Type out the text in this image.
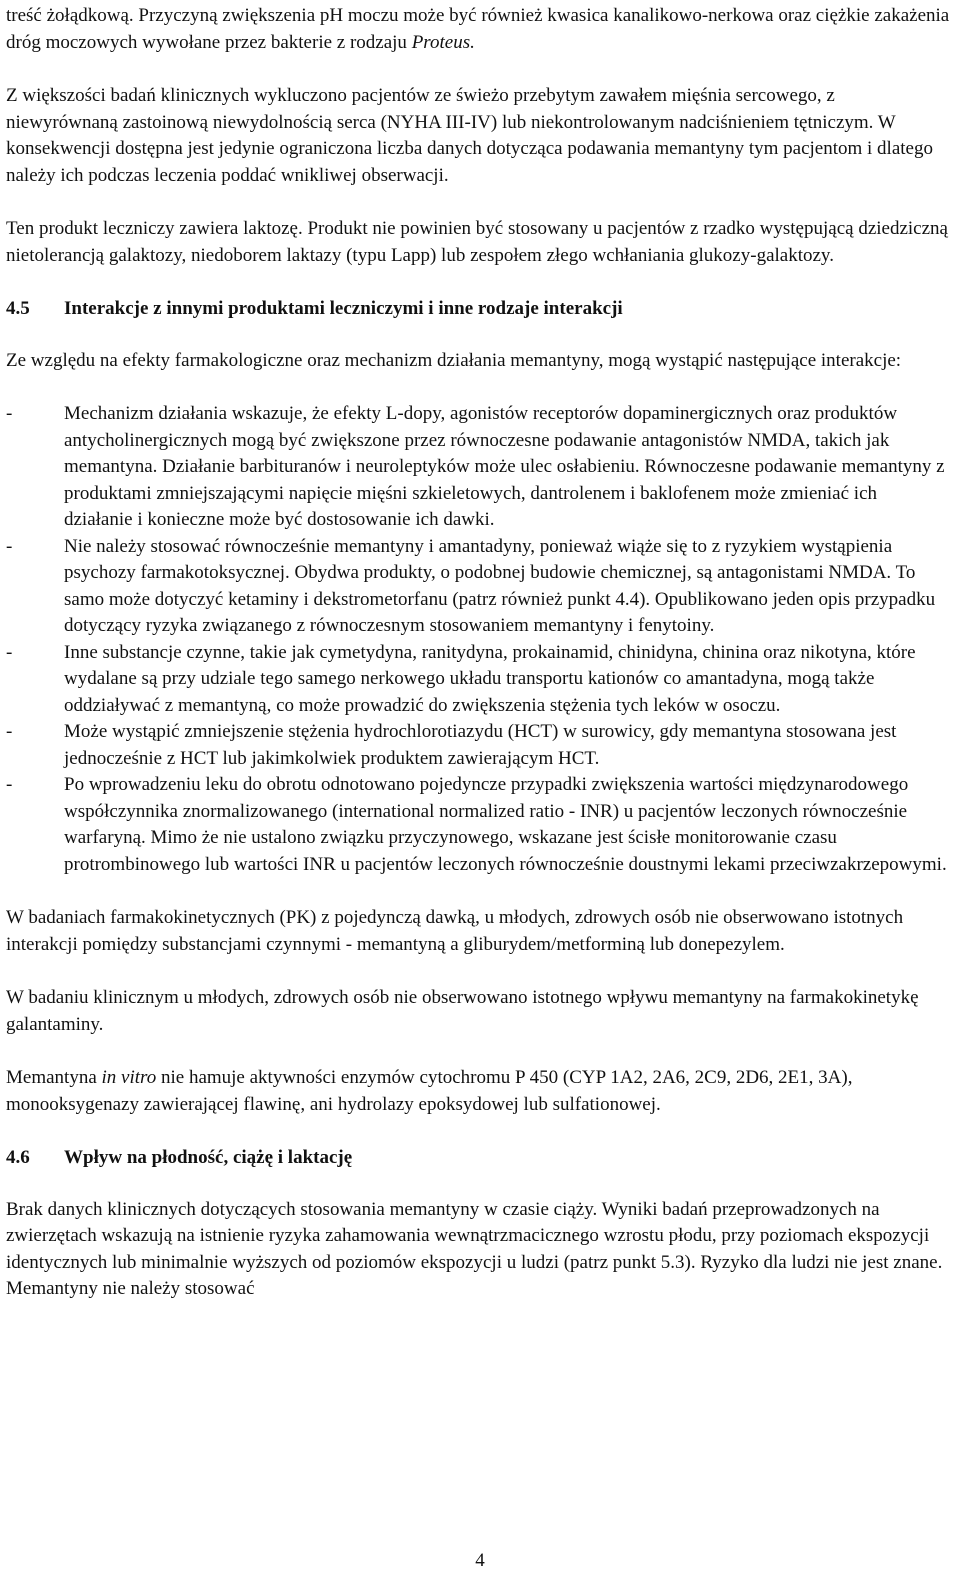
treść żołądkową. Przyczyną zwiększenia pH moczu może być również kwasica kanalikowo-nerkowa oraz ciężkie zakażenia dróg moczowych wywołane przez bakterie z rodzaju Proteus.

Z większości badań klinicznych wykluczono pacjentów ze świeżo przebytym zawałem mięśnia sercowego, z niewyrównaną zastoinową niewydolnością serca (NYHA III-IV) lub niekontrolowanym nadciśnieniem tętniczym. W konsekwencji dostępna jest jedynie ograniczona liczba danych dotycząca podawania memantyny tym pacjentom i dlatego należy ich podczas leczenia poddać wnikliwej obserwacji.

Ten produkt leczniczy zawiera laktozę. Produkt nie powinien być stosowany u pacjentów z rzadko występującą dziedziczną nietolerancją galaktozy, niedoborem laktazy (typu Lapp) lub zespołem złego wchłaniania glukozy-galaktozy.

4.5 Interakcje z innymi produktami leczniczymi i inne rodzaje interakcji

Ze względu na efekty farmakologiczne oraz mechanizm działania memantyny, mogą wystąpić następujące interakcje:

-	Mechanizm działania wskazuje, że efekty L-dopy, agonistów receptorów dopaminergicznych oraz produktów antycholinergicznych mogą być zwiększone przez równoczesne podawanie antagonistów NMDA, takich jak memantyna. Działanie barbituranów i neuroleptyków może ulec osłabieniu. Równoczesne podawanie memantyny z produktami zmniejszającymi napięcie mięśni szkieletowych, dantrolenem i baklofenem może zmieniać ich działanie i konieczne może być dostosowanie ich dawki.
-	Nie należy stosować równocześnie memantyny i amantadyny, ponieważ wiąże się to z ryzykiem wystąpienia psychozy farmakotoksycznej. Obydwa produkty, o podobnej budowie chemicznej, są antagonistami NMDA. To samo może dotyczyć ketaminy i dekstrometorfanu (patrz również punkt 4.4). Opublikowano jeden opis przypadku dotyczący ryzyka związanego z równoczesnym stosowaniem memantyny i fenytoiny.
-	Inne substancje czynne, takie jak cymetydyna, ranitydyna, prokainamid, chinidyna, chinina oraz nikotyna, które wydalane są przy udziale tego samego nerkowego układu transportu kationów co amantadyna, mogą także oddziaływać z memantyną, co może prowadzić do zwiększenia stężenia tych leków w osoczu.
-	Może wystąpić zmniejszenie stężenia hydrochlorotiazydu (HCT) w surowicy, gdy memantyna stosowana jest jednocześnie z HCT lub jakimkolwiek produktem zawierającym HCT.
-	Po wprowadzeniu leku do obrotu odnotowano pojedyncze przypadki zwiększenia wartości międzynarodowego współczynnika znormalizowanego (international normalized ratio - INR) u pacjentów leczonych równocześnie warfaryną. Mimo że nie ustalono związku przyczynowego, wskazane jest ścisłe monitorowanie czasu protrombinowego lub wartości INR u pacjentów leczonych równocześnie doustnymi lekami przeciwzakrzepowymi.

W badaniach farmakokinetycznych (PK) z pojedynczą dawką, u młodych, zdrowych osób nie obserwowano istotnych interakcji pomiędzy substancjami czynnymi - memantyną a gliburydem/metforminą lub donepezylem.

W badaniu klinicznym u młodych, zdrowych osób nie obserwowano istotnego wpływu memantyny na farmakokinetykę galantaminy.

Memantyna in vitro nie hamuje aktywności enzymów cytochromu P 450 (CYP 1A2, 2A6, 2C9, 2D6, 2E1, 3A), monooksygenazy zawierającej flawinę, ani hydrolazy epoksydowej lub sulfationowej.

4.6 Wpływ na płodność, ciążę i laktację

Brak danych klinicznych dotyczących stosowania memantyny w czasie ciąży. Wyniki badań przeprowadzonych na zwierzętach wskazują na istnienie ryzyka zahamowania wewnątrzmacicznego wzrostu płodu, przy poziomach ekspozycji identycznych lub minimalnie wyższych od poziomów ekspozycji u ludzi (patrz punkt 5.3). Ryzyko dla ludzi nie jest znane. Memantyny nie należy stosować

4
